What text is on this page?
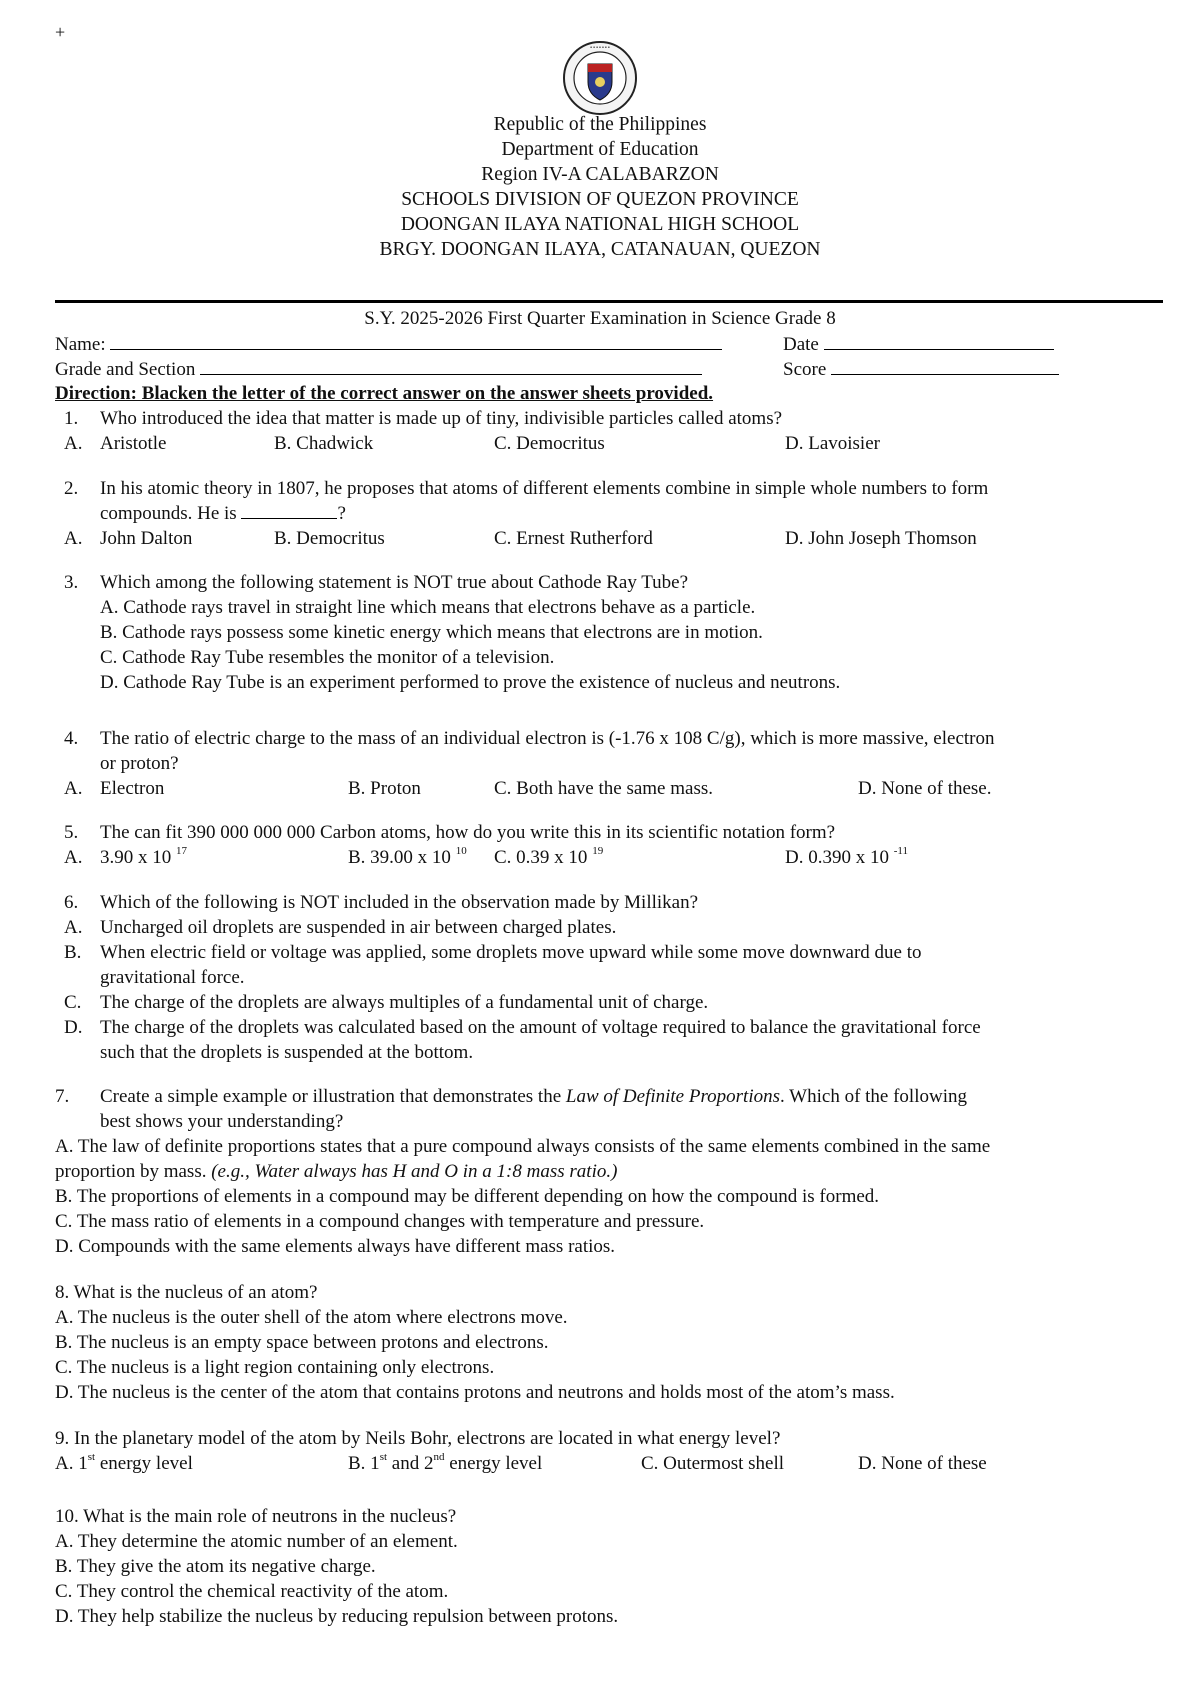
+
•••••••
Republic of the Philippines
Department of Education
Region IV-A CALABARZON
SCHOOLS DIVISION OF QUEZON PROVINCE
DOONGAN ILAYA NATIONAL HIGH SCHOOL
BRGY. DOONGAN ILAYA, CATANAUAN, QUEZON
S.Y. 2025-2026 First Quarter Examination in Science Grade 8
Name:	Date
Grade and Section	Score
Direction: Blacken the letter of the correct answer on the answer sheets provided.
1. Who introduced the idea that matter is made up of tiny, indivisible particles called atoms?
A. Aristotle	B. Chadwick	C. Democritus	D. Lavoisier
2. In his atomic theory in 1807, he proposes that atoms of different elements combine in simple whole numbers to form
compounds. He is	?
A. John Dalton	B. Democritus	C. Ernest Rutherford	D. John Joseph Thomson
3. Which among the following statement is NOT true about Cathode Ray Tube?
A. Cathode rays travel in straight line which means that electrons behave as a particle.
B. Cathode rays possess some kinetic energy which means that electrons are in motion.
C. Cathode Ray Tube resembles the monitor of a television.
D. Cathode Ray Tube is an experiment performed to prove the existence of nucleus and neutrons.
4. The ratio of electric charge to the mass of an individual electron is (-1.76 x 108 C/g), which is more massive, electron
or proton?
A. Electron	B. Proton	C. Both have the same mass.	D. None of these.
5. The can fit 390 000 000 000 Carbon atoms, how do you write this in its scientific notation form?
A. 3.90 x 10 $^{17}$	B. 39.00 x 10 $^{10}$ C. 0.39 x 10 $^{19}$	D. 0.390 x 10 $^{-11}$
6. Which of the following is NOT included in the observation made by Millikan?
A. Uncharged oil droplets are suspended in air between charged plates.
B. When electric field or voltage was applied, some droplets move upward while some move downward due to
gravitational force.
C. The charge of the droplets are always multiples of a fundamental unit of charge.
D. The charge of the droplets was calculated based on the amount of voltage required to balance the gravitational force
such that the droplets is suspended at the bottom.
7. Create a simple example or illustration that demonstrates the Law of Definite Proportions. Which of the following
best shows your understanding?
A. The law of definite proportions states that a pure compound always consists of the same elements combined in the same
proportion by mass. (e.g., Water always has H and O in a 1:8 mass ratio.)
B. The proportions of elements in a compound may be different depending on how the compound is formed.
C. The mass ratio of elements in a compound changes with temperature and pressure.
D. Compounds with the same elements always have different mass ratios.
8. What is the nucleus of an atom?
A. The nucleus is the outer shell of the atom where electrons move.
B. The nucleus is an empty space between protons and electrons.
C. The nucleus is a light region containing only electrons.
D. The nucleus is the center of the atom that contains protons and neutrons and holds most of the atom’s mass.
9. In the planetary model of the atom by Neils Bohr, electrons are located in what energy level?
A. 1st energy level	B. 1st and 2nd energy level	C. Outermost shell	D. None of these
10. What is the main role of neutrons in the nucleus?
A. They determine the atomic number of an element.
B. They give the atom its negative charge.
C. They control the chemical reactivity of the atom.
D. They help stabilize the nucleus by reducing repulsion between protons.
